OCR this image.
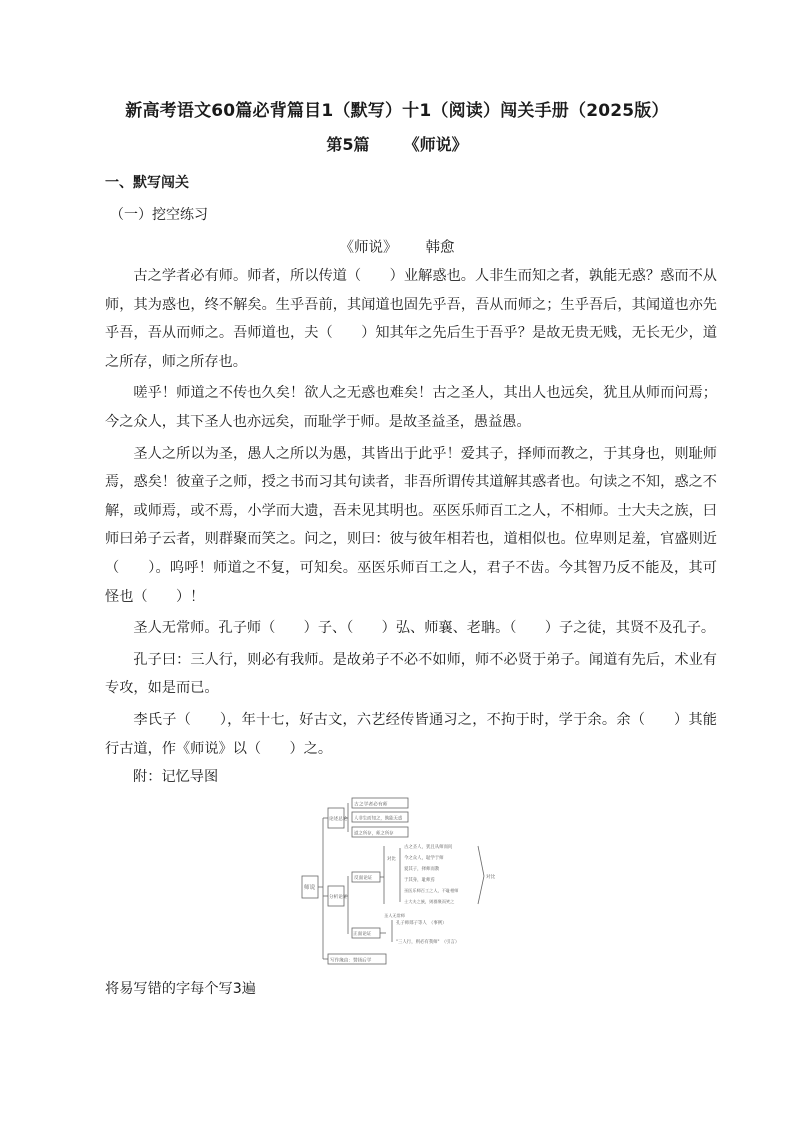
新高考语文60篇必背篇目1（默写）十1（阅读）闯关手册（2025版）
第5篇 《师说》
一、默写闯关
（一）挖空练习
《师说》 韩愈

古之学者必有师。师者，所以传道（　　）业解惑也。人非生而知之者，孰能无惑？惑而不从师，其为惑也，终不解矣。生乎吾前，其闻道也固先乎吾，吾从而师之；生乎吾后，其闻道也亦先乎吾，吾从而师之。吾师道也，夫（　　）知其年之先后生于吾乎？是故无贵无贱，无长无少，道之所存，师之所存也。

嗟乎！师道之不传也久矣！欲人之无惑也难矣！古之圣人，其出人也远矣，犹且从师而问焉；今之众人，其下圣人也亦远矣，而耻学于师。是故圣益圣，愚益愚。

圣人之所以为圣，愚人之所以为愚，其皆出于此乎！爱其子，择师而教之，于其身也，则耻师焉，惑矣！彼童子之师，授之书而习其句读者，非吾所谓传其道解其惑者也。句读之不知，惑之不解，或师焉，或不焉，小学而大遗，吾未见其明也。巫医乐师百工之人，不相师。士大夫之族，曰师曰弟子云者，则群聚而笑之。问之，则曰：彼与彼年相若也，道相似也。位卑则足羞，官盛则近（　　）。呜呼！师道之不复，可知矣。巫医乐师百工之人，君子不齿。今其智乃反不能及，其可怪也（　　）！

圣人无常师。孔子师（　　）子、（　　）弘、师襄、老聃。（　　）子之徒，其贤不及孔子。

孔子曰：三人行，则必有我师。是故弟子不必不如师，师不必贤于弟子。闻道有先后，术业有专攻，如是而已。

李氏子（　　），年十七，好古文，六艺经传皆通习之，不拘于时，学于余。余（　　）其能行古道，作《师说》以（　　）之。

附：记忆导图
师说
论述总论
古之学者必有师
人非生而知之，孰能无惑
道之所存，师之所存
分析论证
反面论证
对比
古之圣人，犹且从师而问
今之众人，耻学于师
爱其子，择师而教
于其身，耻师焉
巫医乐师百工之人，不耻相师
士大夫之族，则群聚而笑之
对比
正面论证
圣人无常师
孔子师郯子等人　（事例）
"三人行，则必有我师"　（引言）
写作缘由：赞扬后学
将易写错的字每个写3遍
